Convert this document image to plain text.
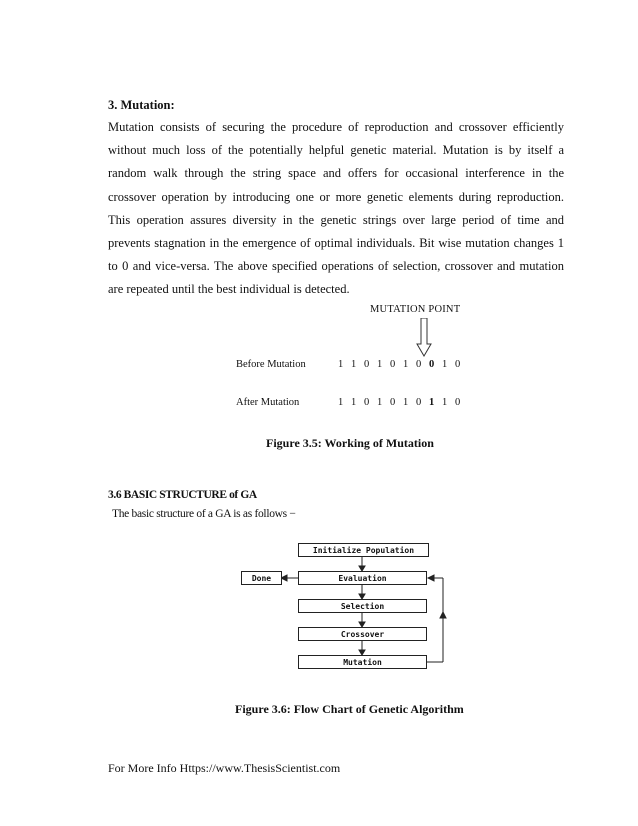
3. Mutation:
Mutation consists of securing the procedure of reproduction and crossover efficiently
without much loss of the potentially helpful genetic material. Mutation is by itself a
random walk through the string space and offers for occasional interference in the
crossover operation by introducing one or more genetic elements during reproduction.
This operation assures diversity in the genetic strings over large period of time and
prevents stagnation in the emergence of optimal individuals. Bit wise mutation changes 1
to 0 and vice-versa. The above specified operations of selection, crossover and mutation
are repeated until the best individual is detected.
MUTATION POINT
Before Mutation	1 1 0 1 0 1 0 0 1 0
After Mutation	1 1 0 1 0 1 0 1 1 0
Figure 3.5: Working of Mutation
3.6 BASIC STRUCTURE of GA
The basic structure of a GA is as follows −
Initialize Population
Evaluation
Done
Selection
Crossover
Mutation
Figure 3.6: Flow Chart of Genetic Algorithm
For More Info Https://www.ThesisScientist.com
